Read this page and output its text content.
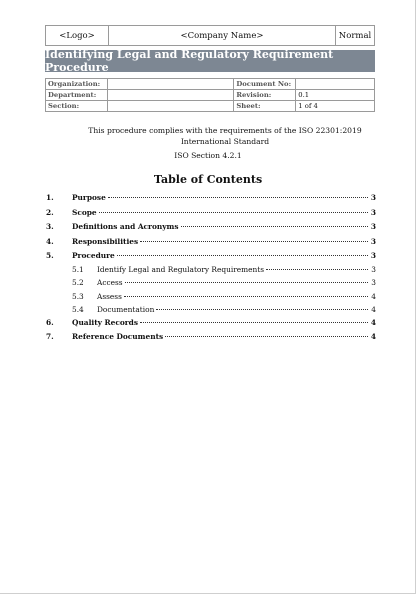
<Logo>	<Company Name>	Normal
Identifying Legal and Regulatory Requirement Procedure
Organization:		Document No:	
Department:		Revision:	0.1
Section:		Sheet:	1 of 4
This procedure complies with the requirements of the ISO 22301:2019 International Standard
ISO Section 4.2.1
Table of Contents
1. Purpose	3
2. Scope	3
3. Definitions and Acronyms	3
4. Responsibilities	3
5. Procedure	3
5.1 Identify Legal and Regulatory Requirements	3
5.2 Access	3
5.3 Assess	4
5.4 Documentation	4
6. Quality Records	4
7. Reference Documents	4
